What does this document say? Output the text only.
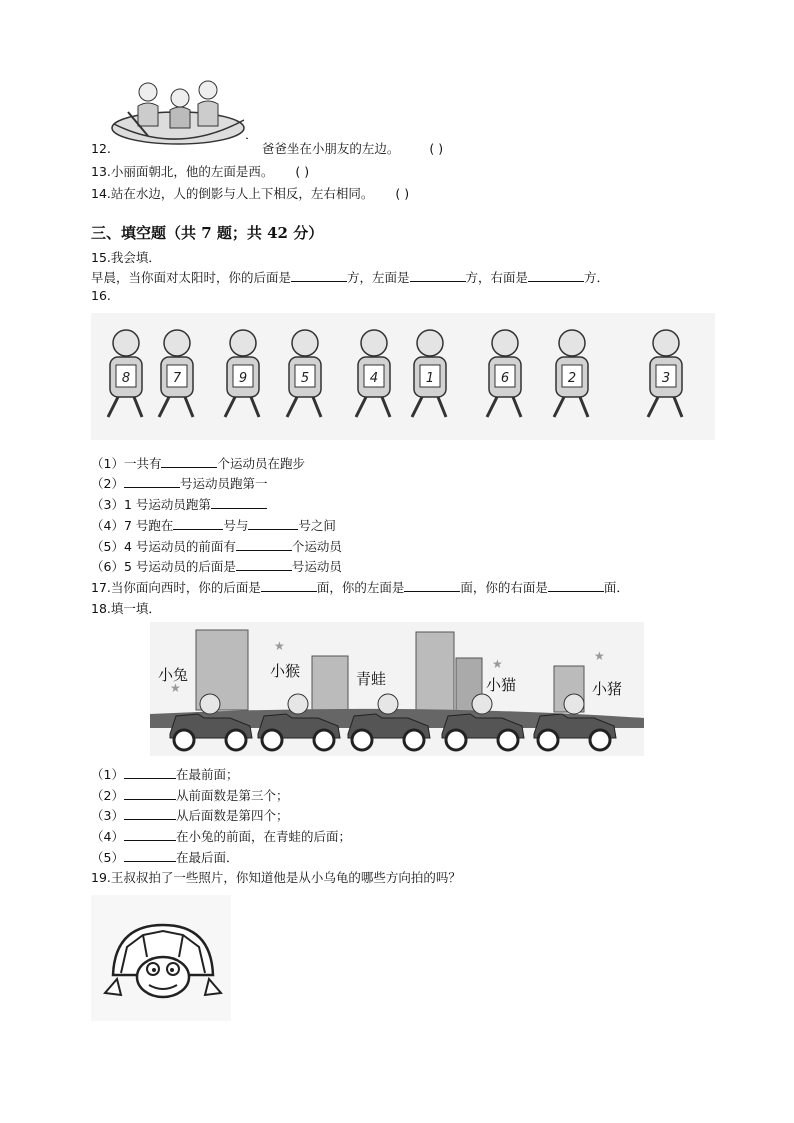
12.	爸爸坐在小朋友的左边。 ( )
13.小丽面朝北，他的左面是西。 ( )
14.站在水边，人的倒影与人上下相反，左右相同。 ( )
三、填空题（共 7 题；共 42 分）
15.我会填．
早晨，当你面对太阳时，你的后面是	方，左面是	方，右面是	方．
16.
8	7	9	5	4	1	6	2	3
（1）一共有	个运动员在跑步
（2）	号运动员跑第一
（3）1 号运动员跑第
（4）7 号跑在	号与	号之间
（5）4 号运动员的前面有	个运动员
（6）5 号运动员的后面是	号运动员
17.当你面向西时，你的后面是	面，你的左面是	面，你的右面是	面．
18.填一填．
★
★
★
★
小兔	小猴	青蛙	小猫	小猪
（1）	在最前面；
（2）	从前面数是第三个；
（3）	从后面数是第四个；
（4）	在小兔的前面，在青蛙的后面；
（5）	在最后面．
19.王叔叔拍了一些照片，你知道他是从小乌龟的哪些方向拍的吗？
